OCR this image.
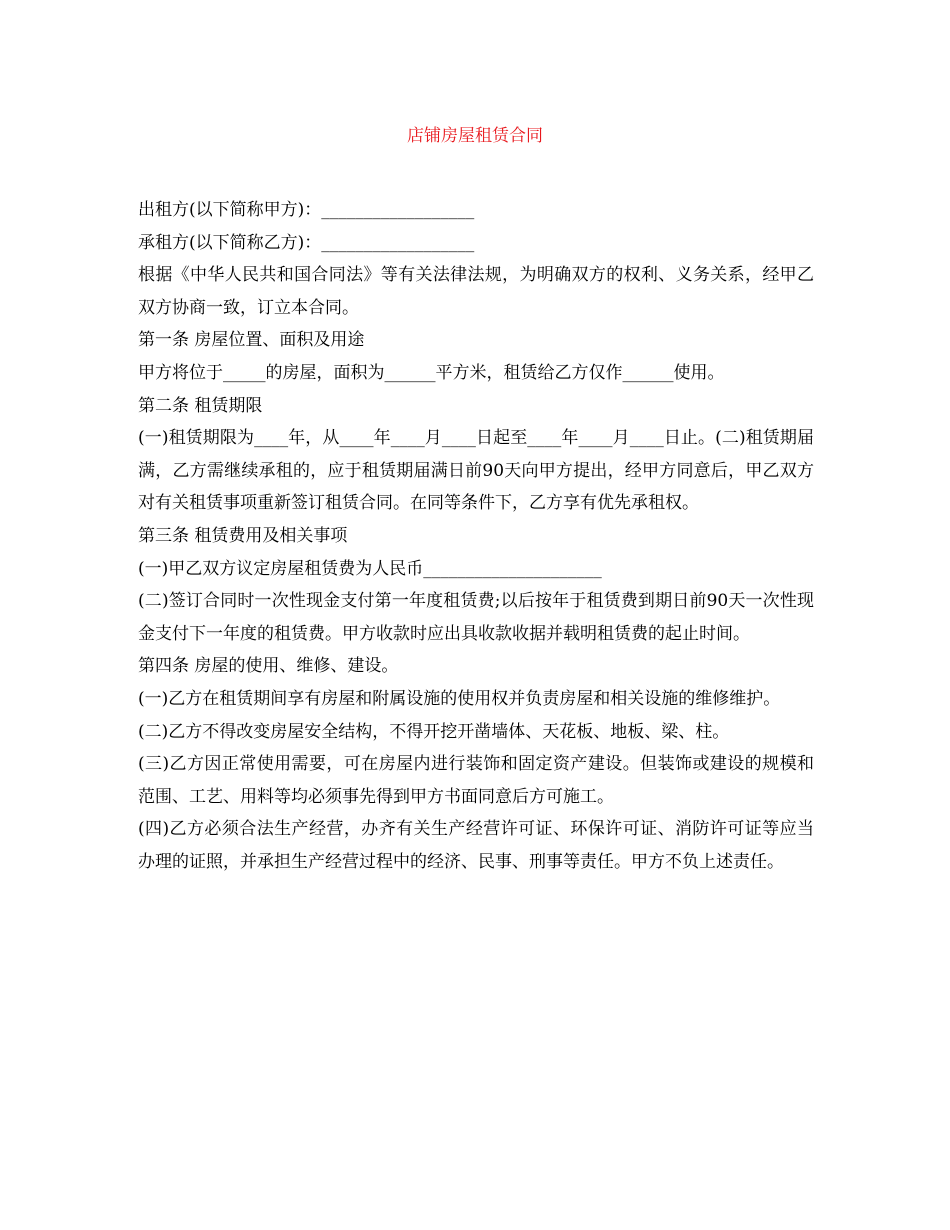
店铺房屋租赁合同

出租方(以下简称甲方)：__________________

承租方(以下简称乙方)：__________________

根据《中华人民共和国合同法》等有关法律法规，为明确双方的权利、义务关系，经甲乙双方协商一致，订立本合同。

第一条 房屋位置、面积及用途

甲方将位于_____的房屋，面积为______平方米，租赁给乙方仅作______使用。

第二条 租赁期限

(一)租赁期限为____年，从____年____月____日起至____年____月____日止。(二)租赁期届满，乙方需继续承租的，应于租赁期届满日前90天向甲方提出，经甲方同意后，甲乙双方对有关租赁事项重新签订租赁合同。在同等条件下，乙方享有优先承租权。

第三条 租赁费用及相关事项

(一)甲乙双方议定房屋租赁费为人民币_____________________

(二)签订合同时一次性现金支付第一年度租赁费;以后按年于租赁费到期日前90天一次性现金支付下一年度的租赁费。甲方收款时应出具收款收据并载明租赁费的起止时间。

第四条 房屋的使用、维修、建设。

(一)乙方在租赁期间享有房屋和附属设施的使用权并负责房屋和相关设施的维修维护。

(二)乙方不得改变房屋安全结构，不得开挖开凿墙体、天花板、地板、梁、柱。

(三)乙方因正常使用需要，可在房屋内进行装饰和固定资产建设。但装饰或建设的规模和范围、工艺、用料等均必须事先得到甲方书面同意后方可施工。

(四)乙方必须合法生产经营，办齐有关生产经营许可证、环保许可证、消防许可证等应当办理的证照，并承担生产经营过程中的经济、民事、刑事等责任。甲方不负上述责任。
